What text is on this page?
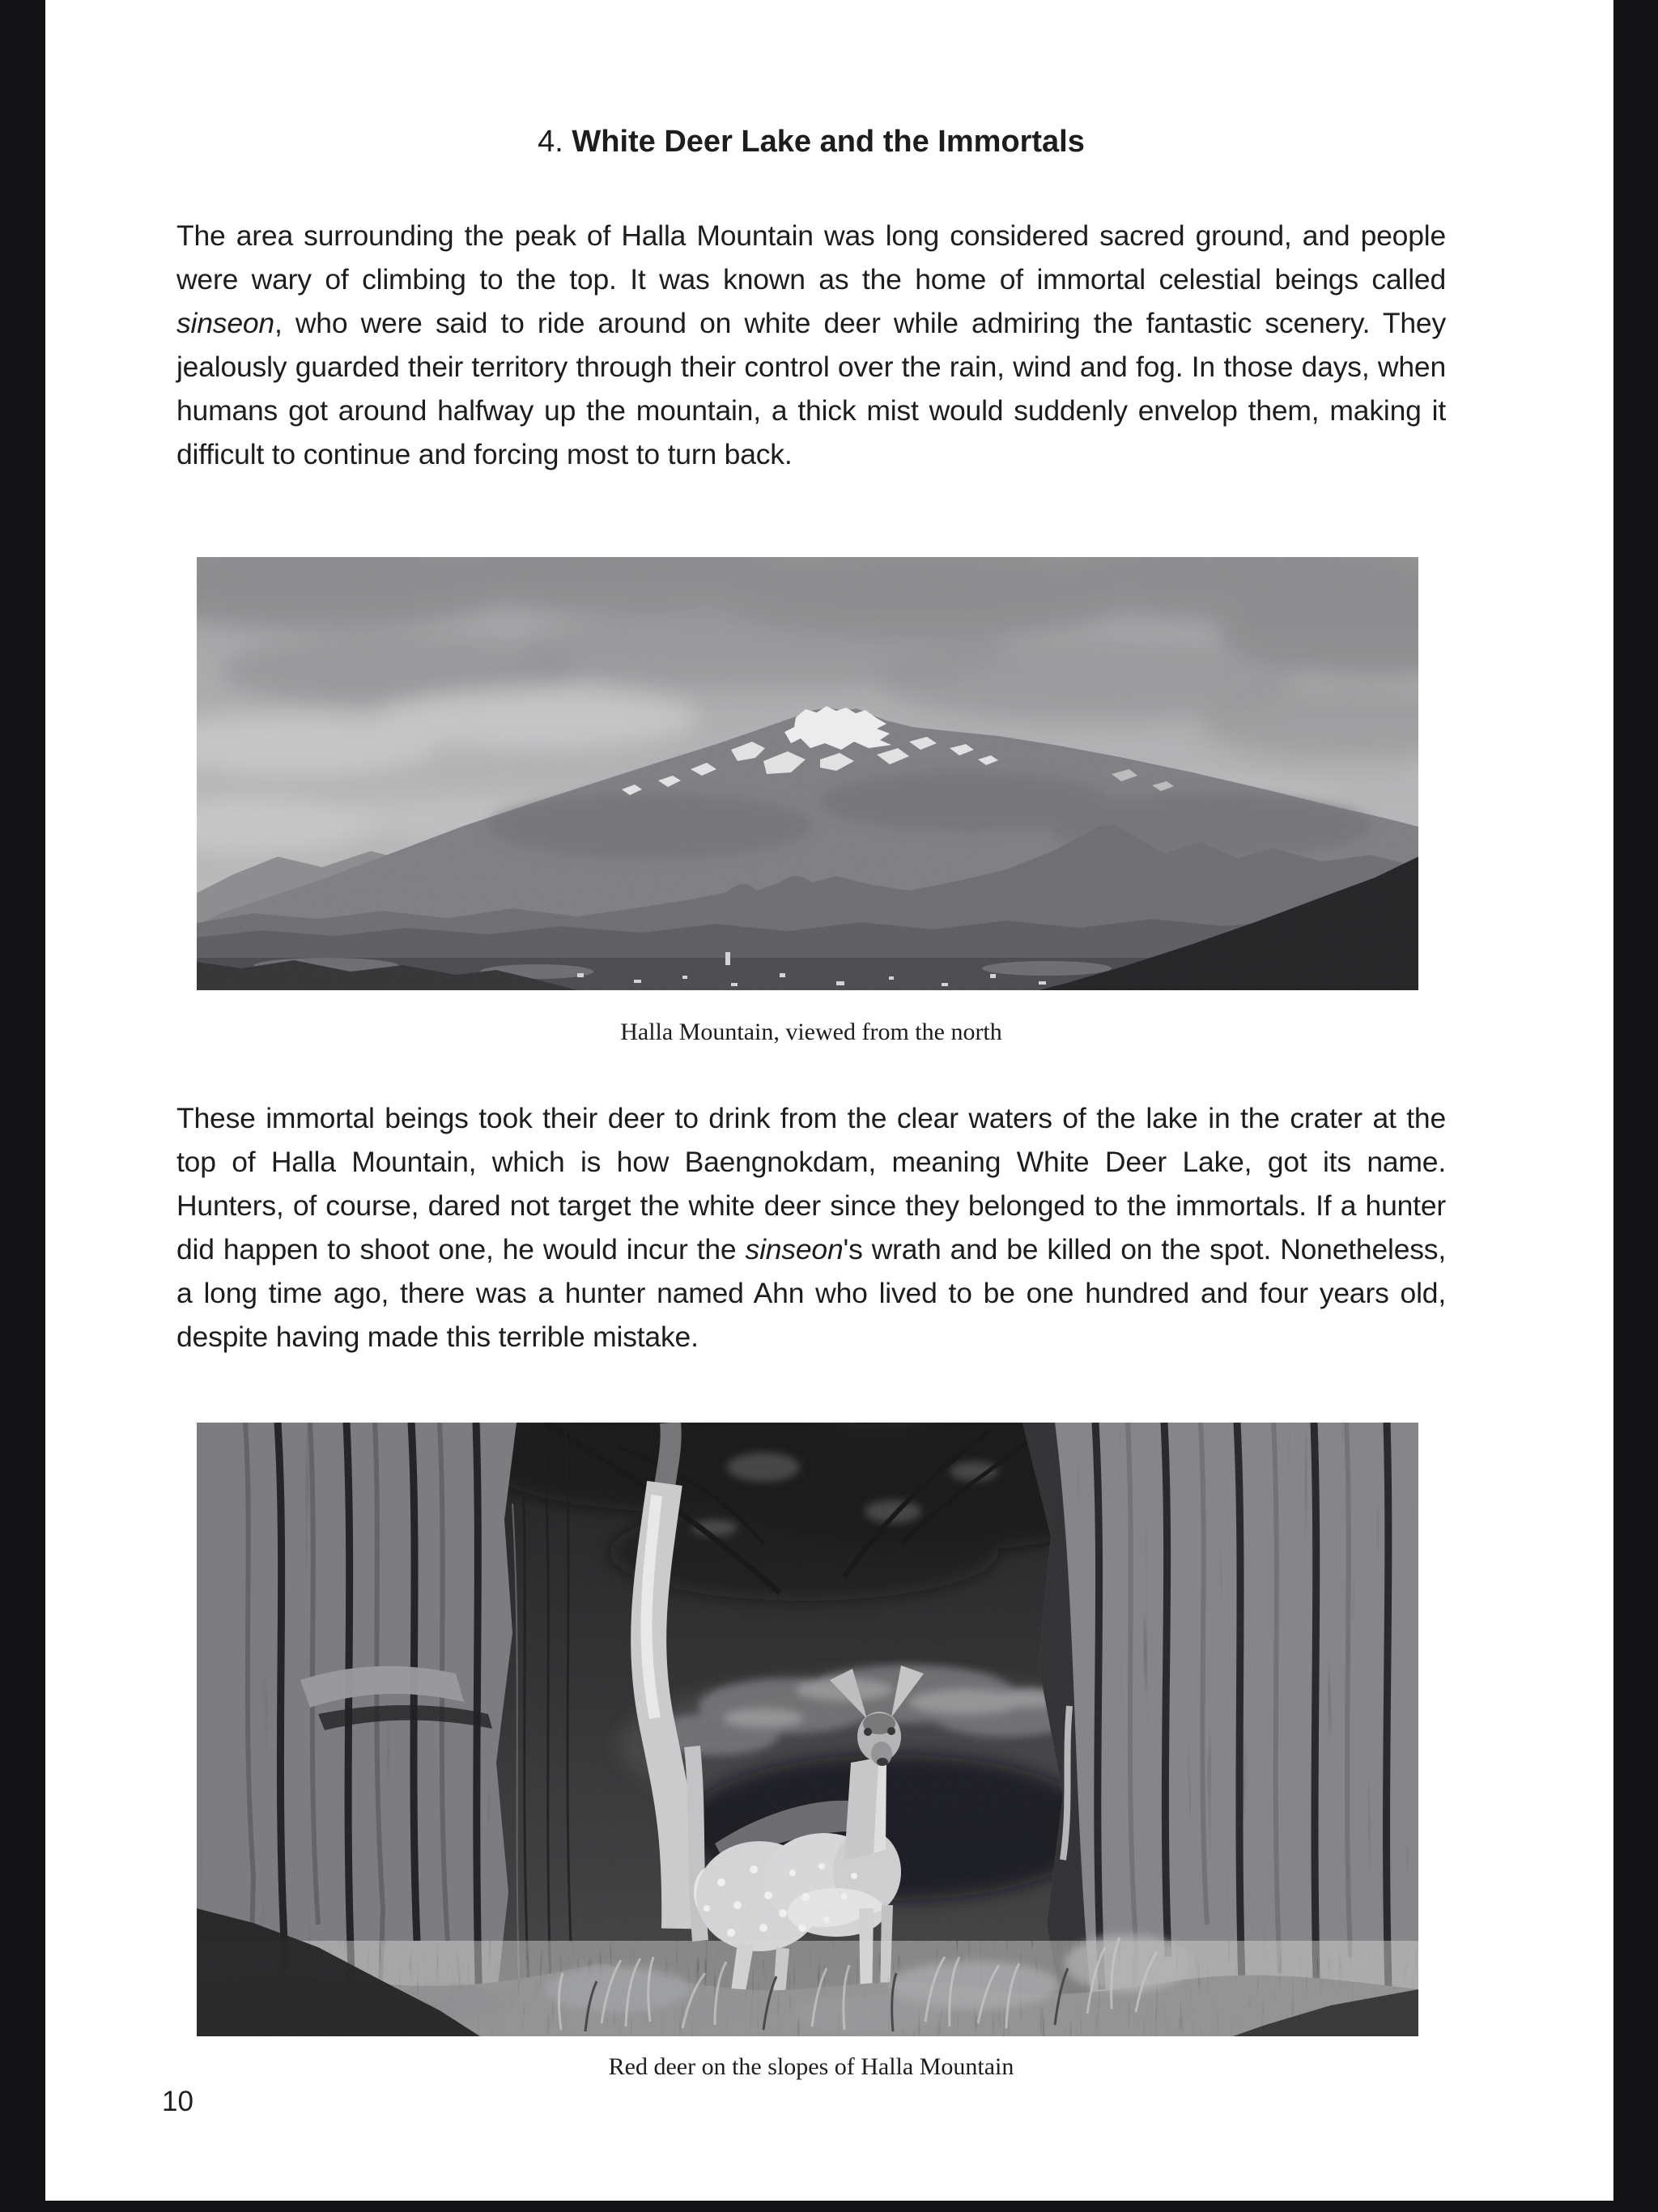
4. White Deer Lake and the Immortals

The area surrounding the peak of Halla Mountain was long considered sacred ground, and people were wary of climbing to the top. It was known as the home of immortal celestial beings called sinseon, who were said to ride around on white deer while admiring the fantastic scenery. They jealously guarded their territory through their control over the rain, wind and fog. In those days, when humans got around halfway up the mountain, a thick mist would suddenly envelop them, making it difficult to continue and forcing most to turn back.

Halla Mountain, viewed from the north

These immortal beings took their deer to drink from the clear waters of the lake in the crater at the top of Halla Mountain, which is how Baengnokdam, meaning White Deer Lake, got its name. Hunters, of course, dared not target the white deer since they belonged to the immortals. If a hunter did happen to shoot one, he would incur the sinseon's wrath and be killed on the spot. Nonetheless, a long time ago, there was a hunter named Ahn who lived to be one hundred and four years old, despite having made this terrible mistake.

Red deer on the slopes of Halla Mountain
10
